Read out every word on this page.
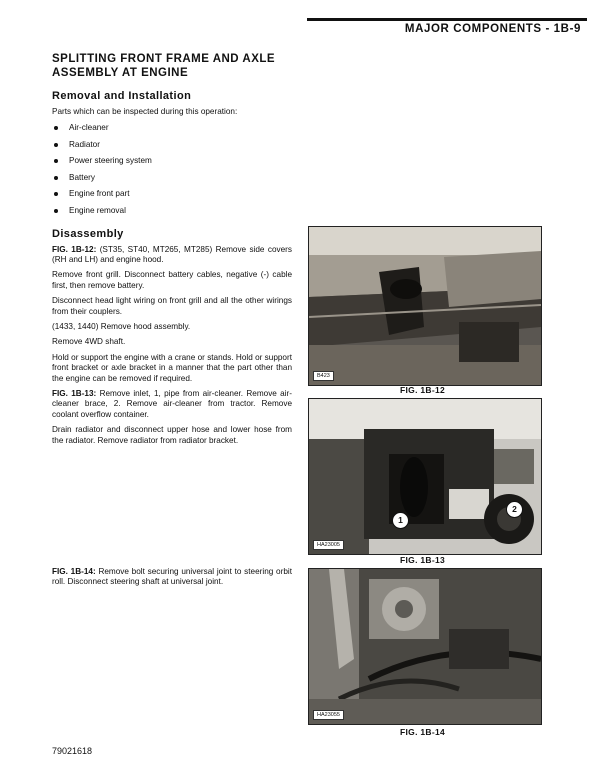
MAJOR COMPONENTS - 1B-9
SPLITTING FRONT FRAME AND AXLE
ASSEMBLY AT ENGINE
Removal and Installation
Parts which can be inspected during this operation:
Air-cleaner
Radiator
Power steering system
Battery
Engine front part
Engine removal
Disassembly

FIG. 1B-12: (ST35, ST40, MT265, MT285) Remove side covers (RH and LH) and engine hood.

Remove front grill. Disconnect battery cables, negative (-) cable first, then remove battery.

Disconnect head light wiring on front grill and all the other wirings from their couplers.

(1433, 1440) Remove hood assembly.

Remove 4WD shaft.

Hold or support the engine with a crane or stands. Hold or support front bracket or axle bracket in a manner that the part other than the engine can be removed if required.

FIG. 1B-13: Remove inlet, 1, pipe from air-cleaner. Remove air-cleaner brace, 2. Remove air-cleaner from tractor. Remove coolant overflow container.

Drain radiator and disconnect upper hose and lower hose from the radiator. Remove radiator from radiator bracket.

FIG. 1B-14: Remove bolt securing universal joint to steering orbit roll. Disconnect steering shaft at universal joint.

B423
FIG. 1B-12
1
2
HA23005
FIG. 1B-13
HA23055
FIG. 1B-14
79021618
